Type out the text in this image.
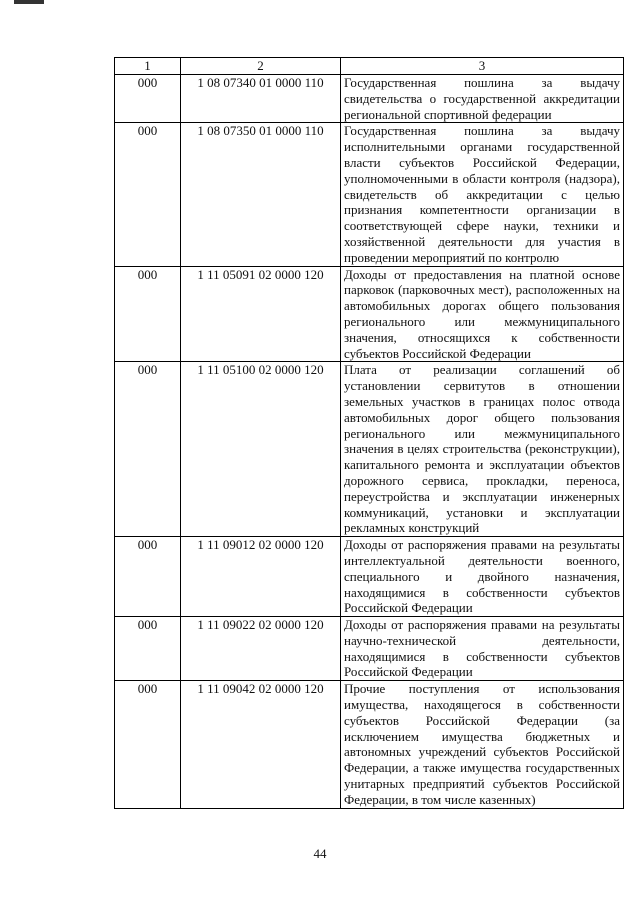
1	2	3
000	1 08 07340 01 0000 110	Государственная пошлина за выдачу свидетельства о государственной аккредитации региональной спортивной федерации
000	1 08 07350 01 0000 110	Государственная пошлина за выдачу исполнительными органами государственной власти субъектов Российской Федерации, уполномоченными в области контроля (надзора), свидетельств об аккредитации с целью признания компетентности организации в соответствующей сфере науки, техники и хозяйственной деятельности для участия в проведении мероприятий по контролю
000	1 11 05091 02 0000 120	Доходы от предоставления на платной основе парковок (парковочных мест), расположенных на автомобильных дорогах общего пользования регионального или межмуниципального значения, относящихся к собственности субъектов Российской Федерации
000	1 11 05100 02 0000 120	Плата от реализации соглашений об установлении сервитутов в отношении земельных участков в границах полос отвода автомобильных дорог общего пользования регионального или межмуниципального значения в целях строительства (реконструкции), капитального ремонта и эксплуатации объектов дорожного сервиса, прокладки, переноса, переустройства и эксплуатации инженерных коммуникаций, установки и эксплуатации рекламных конструкций
000	1 11 09012 02 0000 120	Доходы от распоряжения правами на результаты интеллектуальной деятельности военного, специального и двойного назначения, находящимися в собственности субъектов Российской Федерации
000	1 11 09022 02 0000 120	Доходы от распоряжения правами на результаты научно-технической деятельности, находящимися в собственности субъектов Российской Федерации
000	1 11 09042 02 0000 120	Прочие поступления от использования имущества, находящегося в собственности субъектов Российской Федерации (за исключением имущества бюджетных и автономных учреждений субъектов Российской Федерации, а также имущества государственных унитарных предприятий субъектов Российской Федерации, в том числе казенных)
44
